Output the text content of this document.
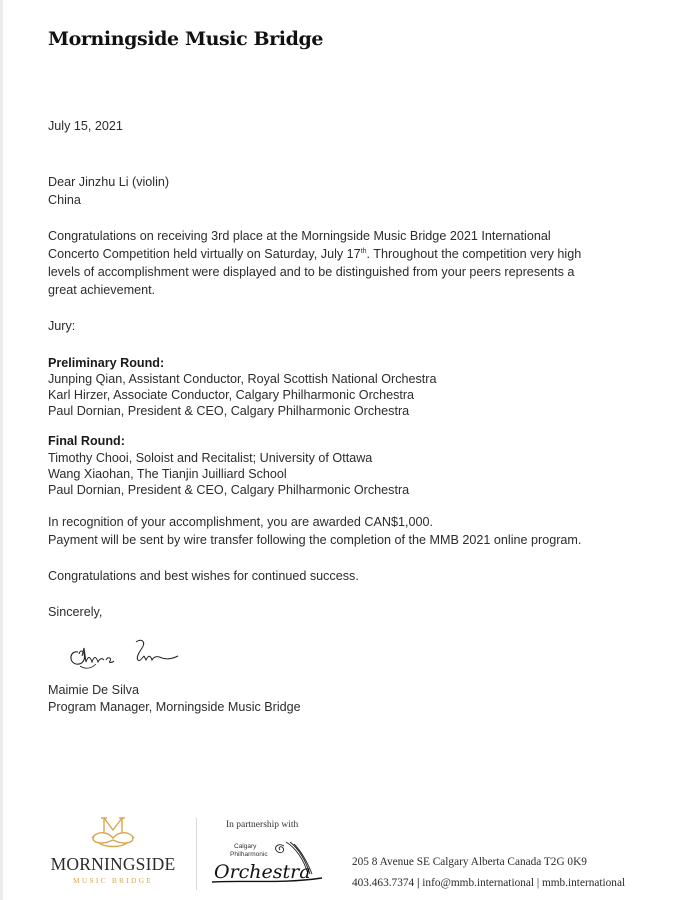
Morningside Music Bridge
July 15, 2021
Dear Jinzhu Li (violin)
China
Congratulations on receiving 3rd place at the Morningside Music Bridge 2021 International
Concerto Competition held virtually on Saturday, July 17th. Throughout the competition very high
levels of accomplishment were displayed and to be distinguished from your peers represents a
great achievement.
Jury:
Preliminary Round:
Junping Qian, Assistant Conductor, Royal Scottish National Orchestra
Karl Hirzer, Associate Conductor, Calgary Philharmonic Orchestra
Paul Dornian, President & CEO, Calgary Philharmonic Orchestra
Final Round:
Timothy Chooi, Soloist and Recitalist; University of Ottawa
Wang Xiaohan, The Tianjin Juilliard School
Paul Dornian, President & CEO, Calgary Philharmonic Orchestra
In recognition of your accomplishment, you are awarded CAN$1,000.
Payment will be sent by wire transfer following the completion of the MMB 2021 online program.
Congratulations and best wishes for continued success.
Sincerely,
Maimie De Silva
Program Manager, Morningside Music Bridge
MORNINGSIDE
MUSIC BRIDGE
In partnership with
Calgary
Philharmonic
Orchestra	205 8 Avenue SE Calgary Alberta Canada T2G 0K9
403.463.7374 | info@mmb.international | mmb.international
